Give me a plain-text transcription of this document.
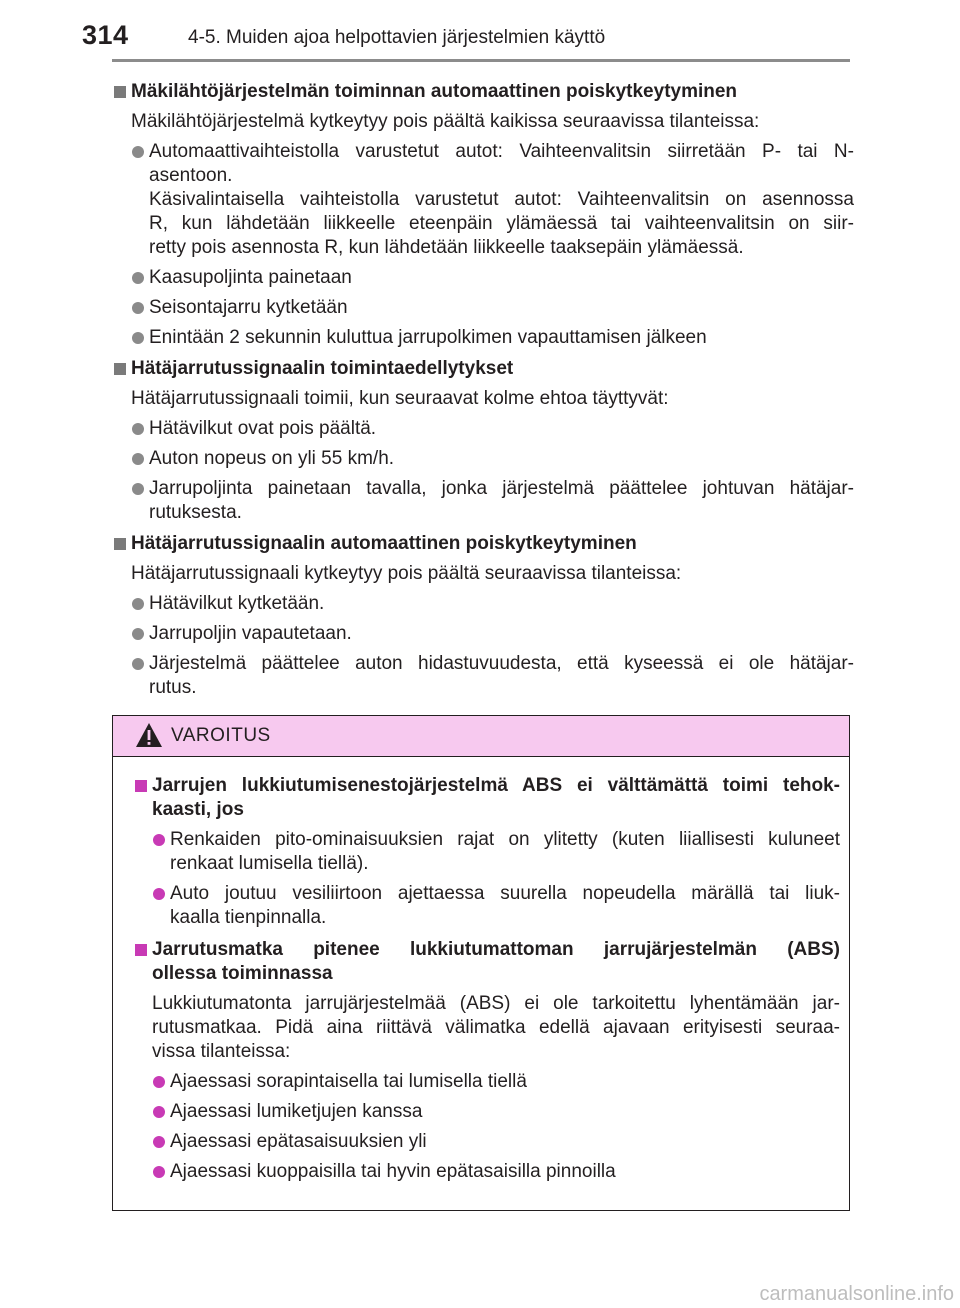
314	4-5. Muiden ajoa helpottavien järjestelmien käyttö
Mäkilähtöjärjestelmän toiminnan automaattinen poiskytkeytyminen
Mäkilähtöjärjestelmä kytkeytyy pois päältä kaikissa seuraavissa tilanteissa:
Automaattivaihteistolla varustetut autot: Vaihteenvalitsin siirretään P- tai N-
asentoon.
Käsivalintaisella vaihteistolla varustetut autot: Vaihteenvalitsin on asennossa
R, kun lähdetään liikkeelle eteenpäin ylämäessä tai vaihteenvalitsin on siir-
retty pois asennosta R, kun lähdetään liikkeelle taaksepäin ylämäessä.
Kaasupoljinta painetaan
Seisontajarru kytketään
Enintään 2 sekunnin kuluttua jarrupolkimen vapauttamisen jälkeen
Hätäjarrutussignaalin toimintaedellytykset
Hätäjarrutussignaali toimii, kun seuraavat kolme ehtoa täyttyvät:
Hätävilkut ovat pois päältä.
Auton nopeus on yli 55 km/h.
Jarrupoljinta painetaan tavalla, jonka järjestelmä päättelee johtuvan hätäjar-
rutuksesta.
Hätäjarrutussignaalin automaattinen poiskytkeytyminen
Hätäjarrutussignaali kytkeytyy pois päältä seuraavissa tilanteissa:
Hätävilkut kytketään.
Jarrupoljin vapautetaan.
Järjestelmä päättelee auton hidastuvuudesta, että kyseessä ei ole hätäjar-
rutus.
VAROITUS
Jarrujen lukkiutumisenestojärjestelmä ABS ei välttämättä toimi tehok-
kaasti, jos
Renkaiden pito-ominaisuuksien rajat on ylitetty (kuten liiallisesti kuluneet
renkaat lumisella tiellä).
Auto joutuu vesiliirtoon ajettaessa suurella nopeudella märällä tai liuk-
kaalla tienpinnalla.
Jarrutusmatka pitenee lukkiutumattoman jarrujärjestelmän (ABS)
ollessa toiminnassa
Lukkiutumatonta jarrujärjestelmää (ABS) ei ole tarkoitettu lyhentämään jar-
rutusmatkaa. Pidä aina riittävä välimatka edellä ajavaan erityisesti seuraa-
vissa tilanteissa:
Ajaessasi sorapintaisella tai lumisella tiellä
Ajaessasi lumiketjujen kanssa
Ajaessasi epätasaisuuksien yli
Ajaessasi kuoppaisilla tai hyvin epätasaisilla pinnoilla
carmanualsonline.info
